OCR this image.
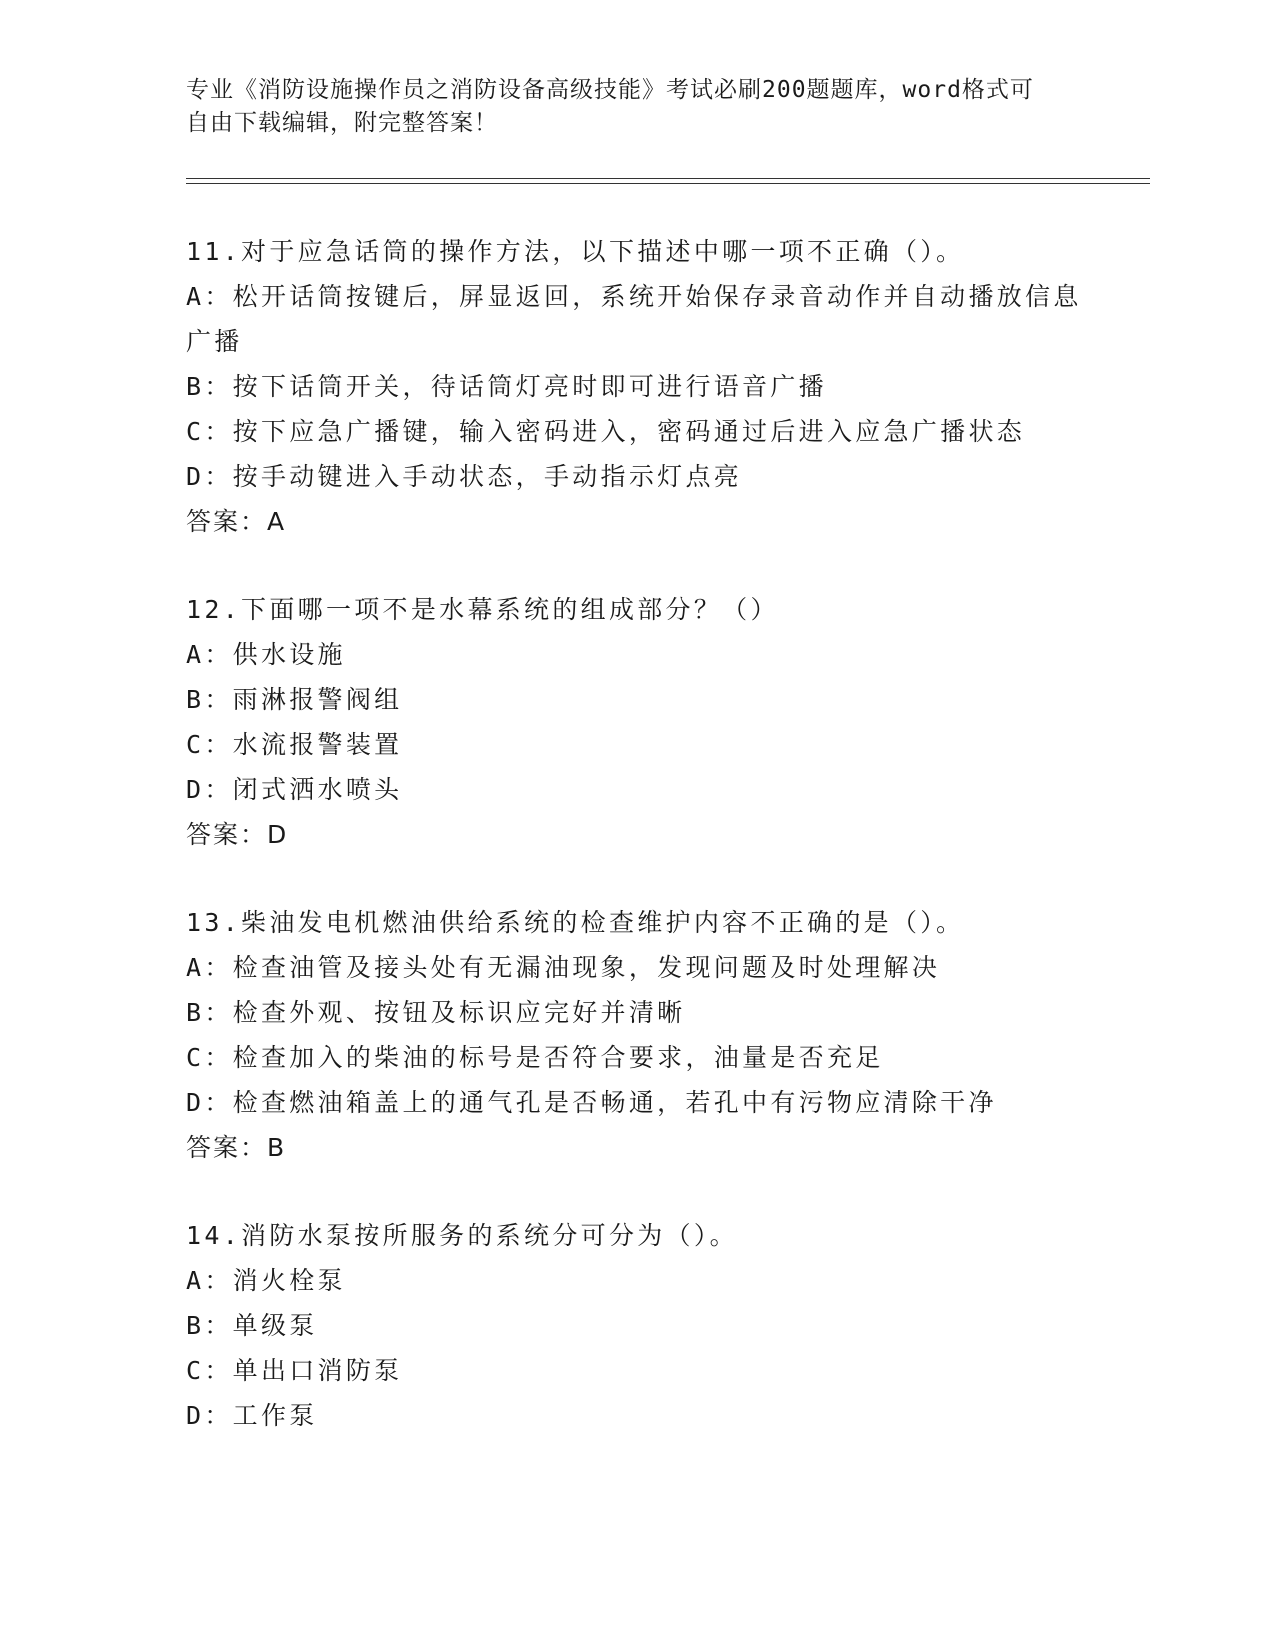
专业《消防设施操作员之消防设备高级技能》考试必刷200题题库，word格式可
自由下载编辑，附完整答案！
11.对于应急话筒的操作方法，以下描述中哪一项不正确（）。
A：松开话筒按键后，屏显返回，系统开始保存录音动作并自动播放信息广播
B：按下话筒开关，待话筒灯亮时即可进行语音广播
C：按下应急广播键，输入密码进入，密码通过后进入应急广播状态
D：按手动键进入手动状态，手动指示灯点亮
答案：A
12.下面哪一项不是水幕系统的组成部分？（）
A：供水设施
B：雨淋报警阀组
C：水流报警装置
D：闭式洒水喷头
答案：D
13.柴油发电机燃油供给系统的检查维护内容不正确的是（）。
A：检查油管及接头处有无漏油现象，发现问题及时处理解决
B：检查外观、按钮及标识应完好并清晰
C：检查加入的柴油的标号是否符合要求，油量是否充足
D：检查燃油箱盖上的通气孔是否畅通，若孔中有污物应清除干净
答案：B
14.消防水泵按所服务的系统分可分为（）。
A：消火栓泵
B：单级泵
C：单出口消防泵
D：工作泵
